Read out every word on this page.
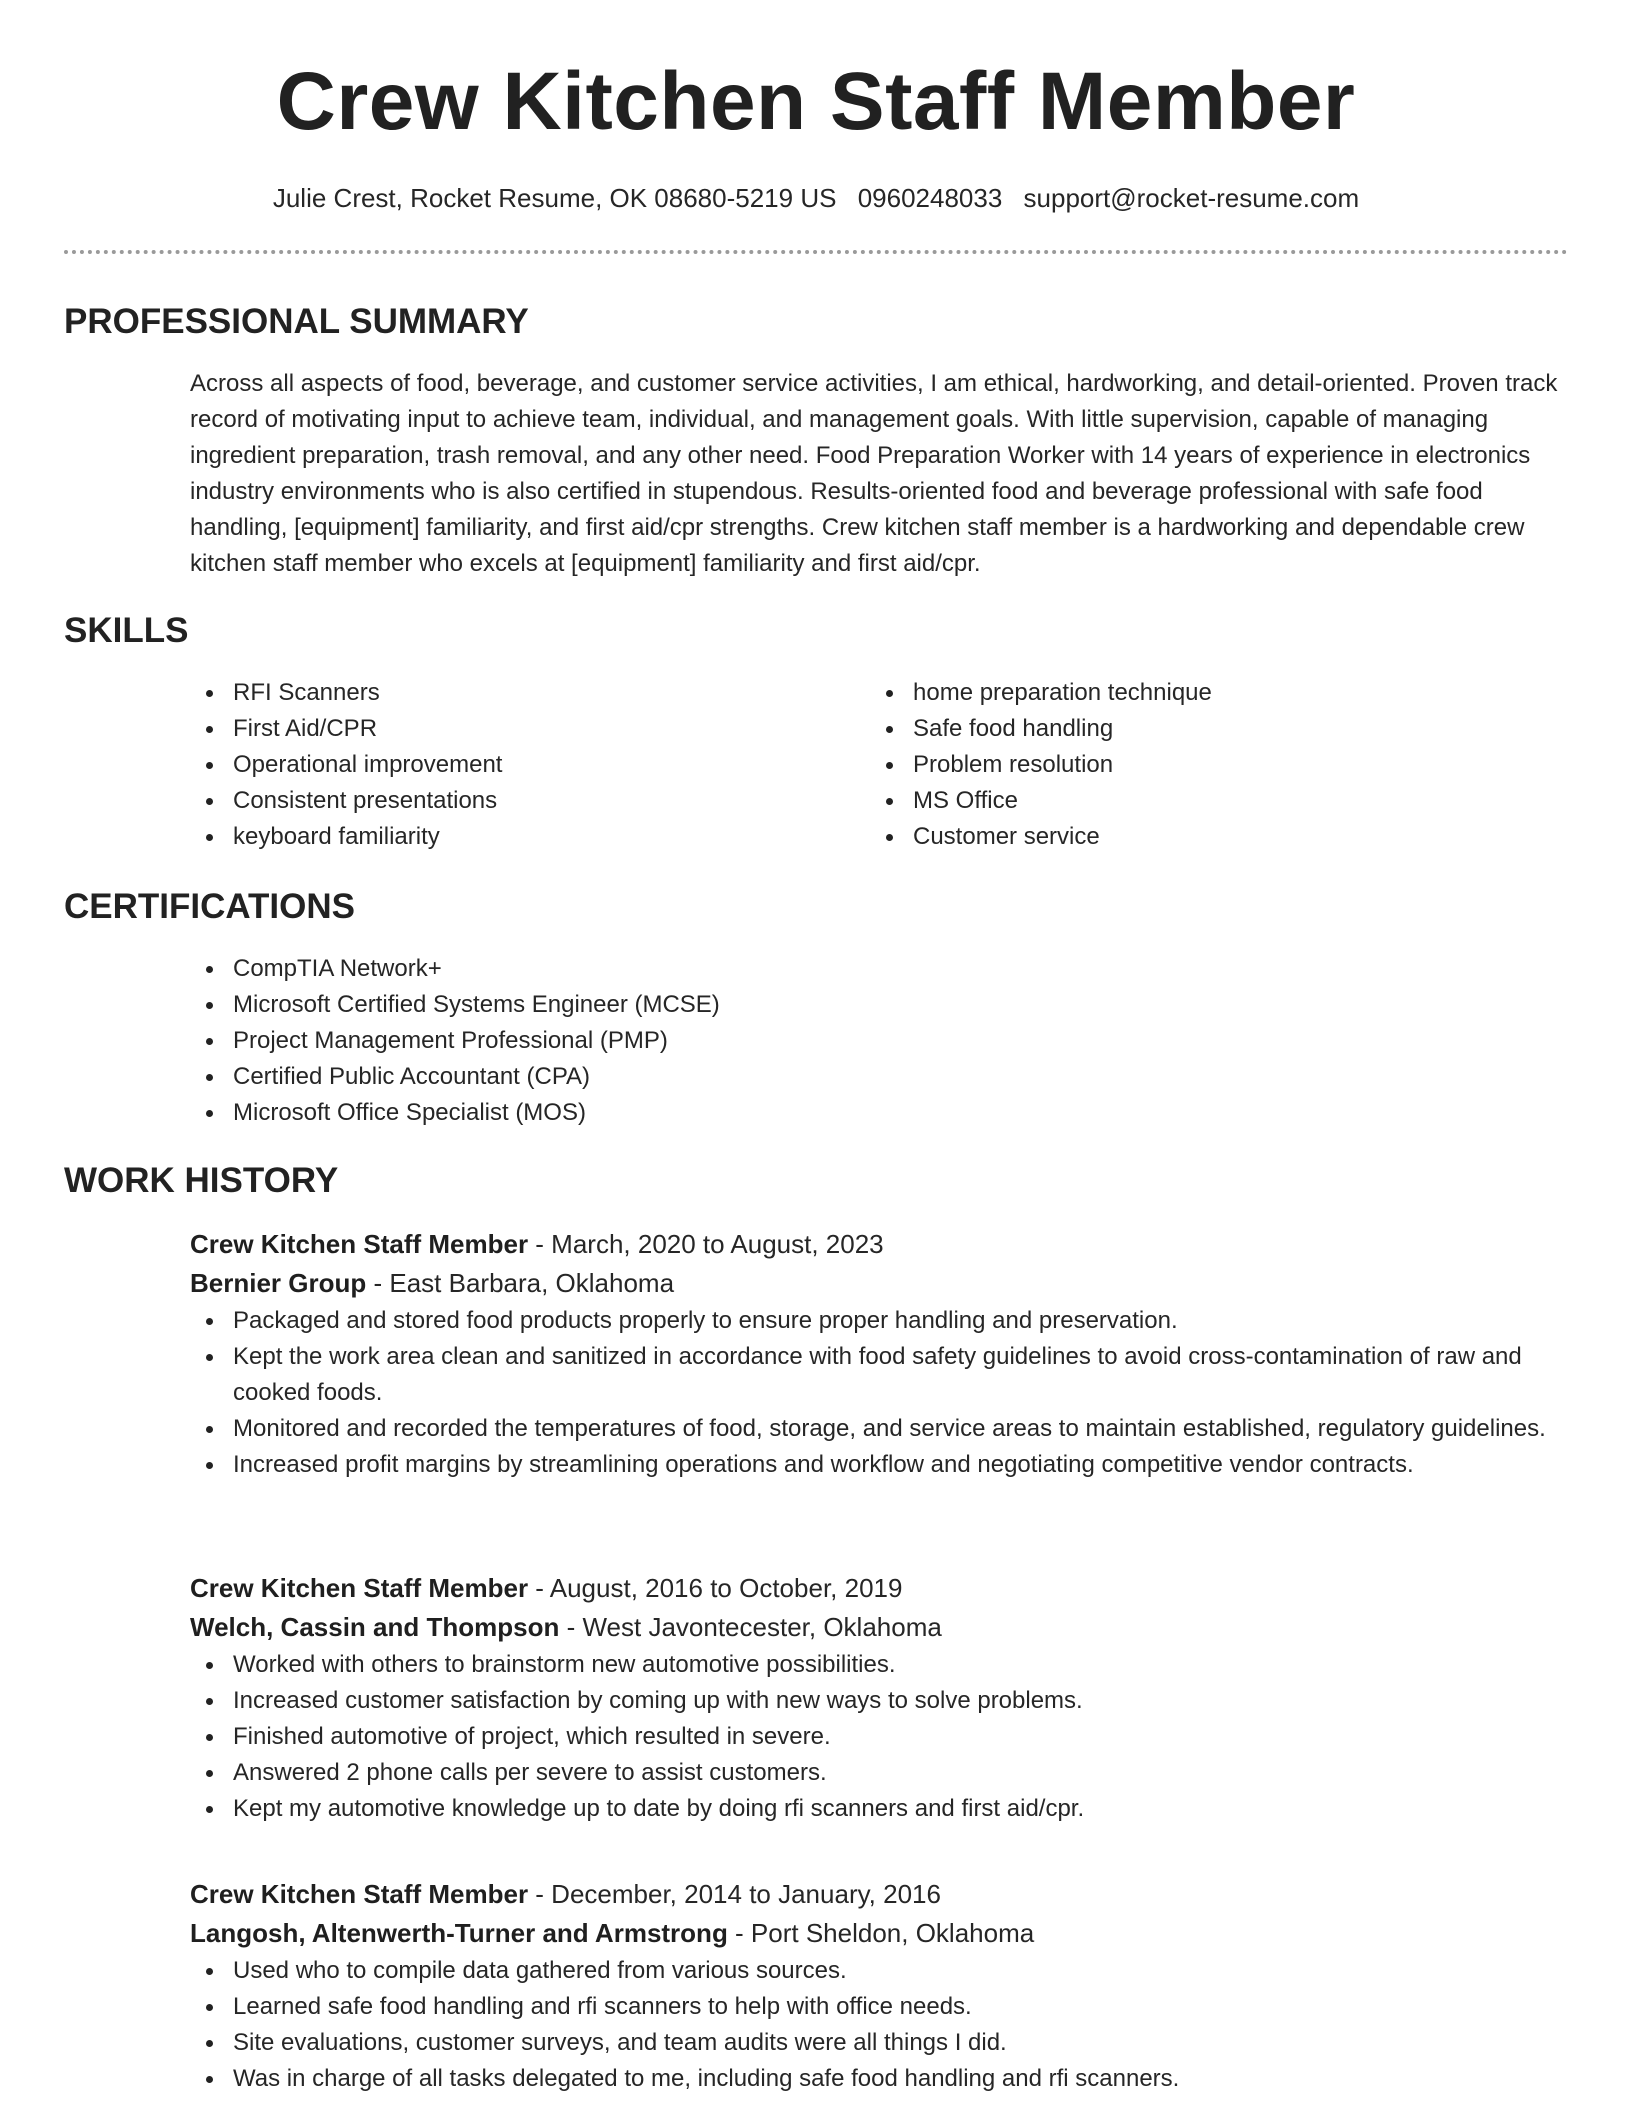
Crew Kitchen Staff Member
Julie Crest, Rocket Resume, OK 08680-5219 US 0960248033 support@rocket-resume.com
PROFESSIONAL SUMMARY

Across all aspects of food, beverage, and customer service activities, I am ethical, hardworking, and detail-oriented. Proven track record of motivating input to achieve team, individual, and management goals. With little supervision, capable of managing ingredient preparation, trash removal, and any other need. Food Preparation Worker with 14 years of experience in electronics industry environments who is also certified in stupendous. Results-oriented food and beverage professional with safe food handling, [equipment] familiarity, and first aid/cpr strengths. Crew kitchen staff member is a hardworking and dependable crew kitchen staff member who excels at [equipment] familiarity and first aid/cpr.

SKILLS
RFI Scanners
First Aid/CPR
Operational improvement
Consistent presentations
keyboard familiarity
home preparation technique
Safe food handling
Problem resolution
MS Office
Customer service
CERTIFICATIONS
CompTIA Network+
Microsoft Certified Systems Engineer (MCSE)
Project Management Professional (PMP)
Certified Public Accountant (CPA)
Microsoft Office Specialist (MOS)
WORK HISTORY
Crew Kitchen Staff Member - March, 2020 to August, 2023
Bernier Group - East Barbara, Oklahoma
Packaged and stored food products properly to ensure proper handling and preservation.
Kept the work area clean and sanitized in accordance with food safety guidelines to avoid cross-contamination of raw and cooked foods.
Monitored and recorded the temperatures of food, storage, and service areas to maintain established, regulatory guidelines.
Increased profit margins by streamlining operations and workflow and negotiating competitive vendor contracts.
Crew Kitchen Staff Member - August, 2016 to October, 2019
Welch, Cassin and Thompson - West Javontecester, Oklahoma
Worked with others to brainstorm new automotive possibilities.
Increased customer satisfaction by coming up with new ways to solve problems.
Finished automotive of project, which resulted in severe.
Answered 2 phone calls per severe to assist customers.
Kept my automotive knowledge up to date by doing rfi scanners and first aid/cpr.
Crew Kitchen Staff Member - December, 2014 to January, 2016
Langosh, Altenwerth-Turner and Armstrong - Port Sheldon, Oklahoma
Used who to compile data gathered from various sources.
Learned safe food handling and rfi scanners to help with office needs.
Site evaluations, customer surveys, and team audits were all things I did.
Was in charge of all tasks delegated to me, including safe food handling and rfi scanners.
